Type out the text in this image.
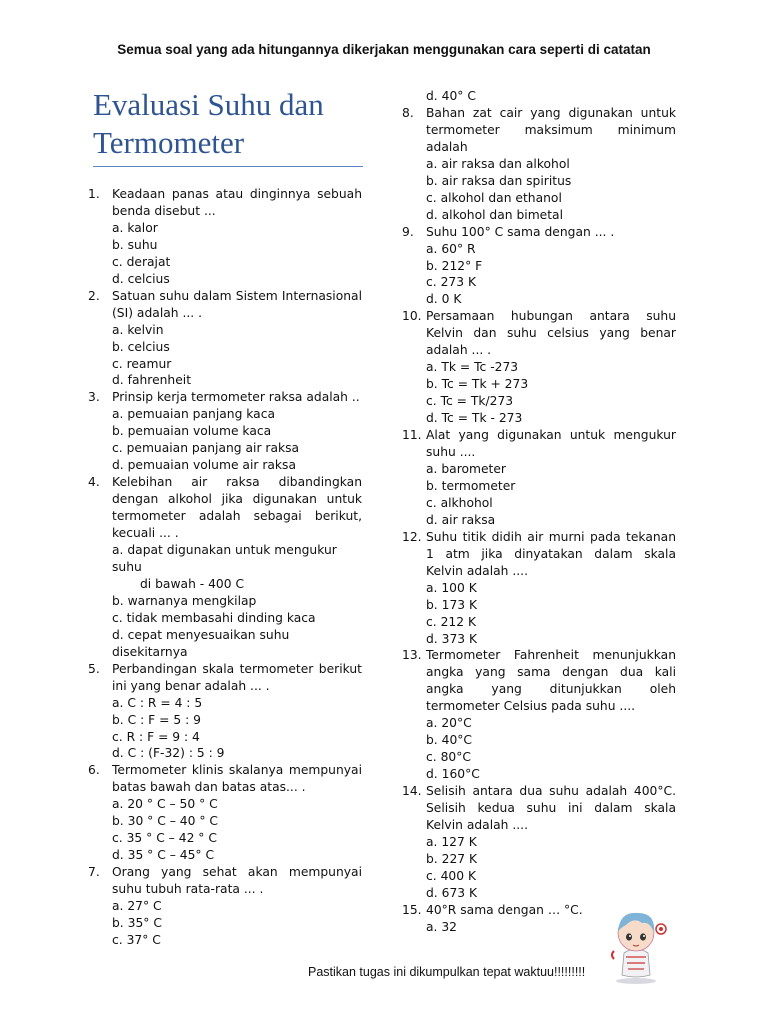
Semua soal yang ada hitungannya dikerjakan menggunakan cara seperti di catatan
Evaluasi Suhu dan Termometer
1. Keadaan panas atau dinginnya sebuah benda disebut ...
a. kalor
b. suhu
c. derajat
d. celcius
2. Satuan suhu dalam Sistem Internasional (SI) adalah ... .
a. kelvin
b. celcius
c. reamur
d. fahrenheit
3. Prinsip kerja termometer raksa adalah ..
a. pemuaian panjang kaca
b. pemuaian volume kaca
c. pemuaian panjang air raksa
d. pemuaian volume air raksa
4. Kelebihan air raksa dibandingkan dengan alkohol jika digunakan untuk termometer adalah sebagai berikut, kecuali ... .
a. dapat digunakan untuk mengukur suhu
di bawah - 400 C
b. warnanya mengkilap
c. tidak membasahi dinding kaca
d. cepat menyesuaikan suhu disekitarnya
5. Perbandingan skala termometer berikut ini yang benar adalah ... .
a. C : R = 4 : 5
b. C : F = 5 : 9
c. R : F = 9 : 4
d. C : (F-32) : 5 : 9
6. Termometer klinis skalanya mempunyai batas bawah dan batas atas... .
a. 20 ° C – 50 ° C
b. 30 ° C – 40 ° C
c. 35 ° C – 42 ° C
d. 35 ° C – 45° C
7. Orang yang sehat akan mempunyai suhu tubuh rata-rata ... .
a. 27° C
b. 35° C
c. 37° C
d. 40° C
8. Bahan zat cair yang digunakan untuk termometer maksimum minimum adalah
a. air raksa dan alkohol
b. air raksa dan spiritus
c. alkohol dan ethanol
d. alkohol dan bimetal
9. Suhu 100° C sama dengan ... .
a. 60° R
b. 212° F
c. 273 K
d. 0 K
10. Persamaan hubungan antara suhu Kelvin dan suhu celsius yang benar adalah ... .
a. Tk = Tc -273
b. Tc = Tk + 273
c. Tc = Tk/273
d. Tc = Tk - 273
11. Alat yang digunakan untuk mengukur suhu ....
a. barometer
b. termometer
c. alkhohol
d. air raksa
12. Suhu titik didih air murni pada tekanan 1 atm jika dinyatakan dalam skala Kelvin adalah ....
a. 100 K
b. 173 K
c. 212 K
d. 373 K
13. Termometer Fahrenheit menunjukkan angka yang sama dengan dua kali angka yang ditunjukkan oleh termometer Celsius pada suhu ....
a. 20°C
b. 40°C
c. 80°C
d. 160°C
14. Selisih antara dua suhu adalah 400°C. Selisih kedua suhu ini dalam skala Kelvin adalah ....
a. 127 K
b. 227 K
c. 400 K
d. 673 K
15. 40°R sama dengan … °C.
a. 32
Pastikan tugas ini dikumpulkan tepat waktuu!!!!!!!!!
